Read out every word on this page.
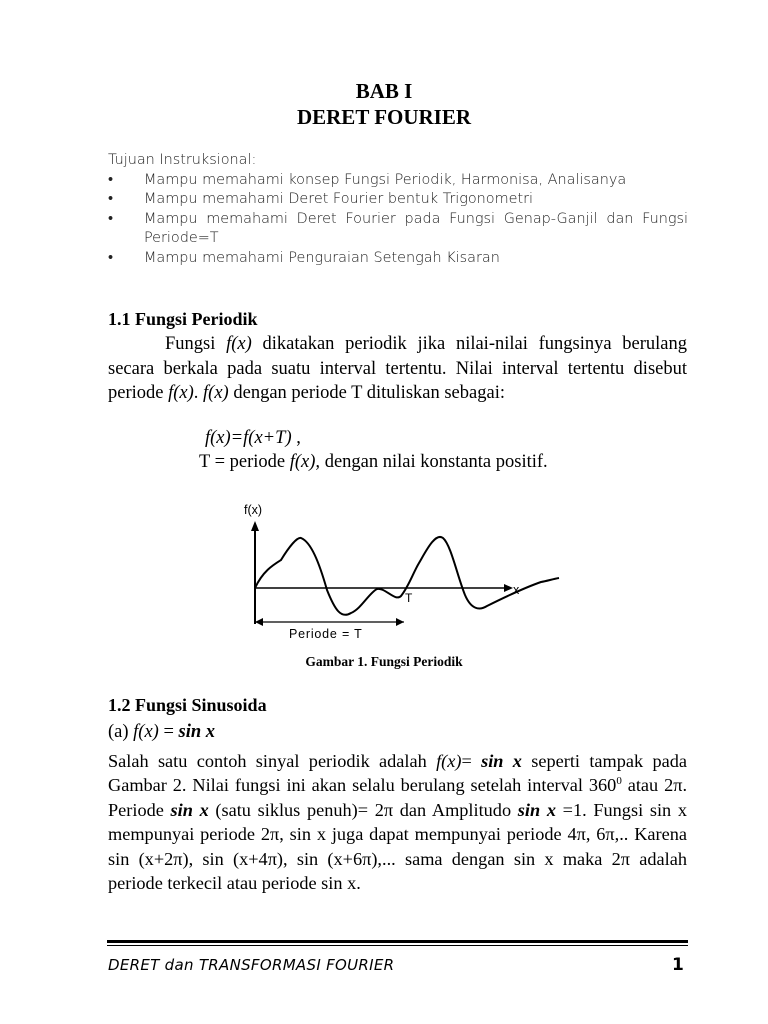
BAB I
DERET FOURIER
Tujuan Instruksional:
• Mampu memahami konsep Fungsi Periodik, Harmonisa, Analisanya
• Mampu memahami Deret Fourier bentuk Trigonometri
• Mampu memahami Deret Fourier pada Fungsi Genap-Ganjil dan Fungsi Periode=T
• Mampu memahami Penguraian Setengah Kisaran
1.1 Fungsi Periodik
Fungsi f(x) dikatakan periodik jika nilai-nilai fungsinya berulang secara berkala pada suatu interval tertentu. Nilai interval tertentu disebut periode f(x). f(x) dengan periode T dituliskan sebagai:
f(x)=f(x+T) ,
T = periode f(x), dengan nilai konstanta positif.
f(x)
x
T
Periode = T
Gambar 1. Fungsi Periodik
1.2 Fungsi Sinusoida
(a) f(x) = sin x
Salah satu contoh sinyal periodik adalah f(x)= sin x seperti tampak pada Gambar 2. Nilai fungsi ini akan selalu berulang setelah interval $360^0$ atau 2π. Periode sin x (satu siklus penuh)= 2π dan Amplitudo sin x =1. Fungsi sin x mempunyai periode 2π, sin x juga dapat mempunyai periode 4π, 6π,.. Karena sin (x+2π), sin (x+4π), sin (x+6π),... sama dengan sin x maka 2π adalah periode terkecil atau periode sin x.
DERET dan TRANSFORMASI FOURIER	1
